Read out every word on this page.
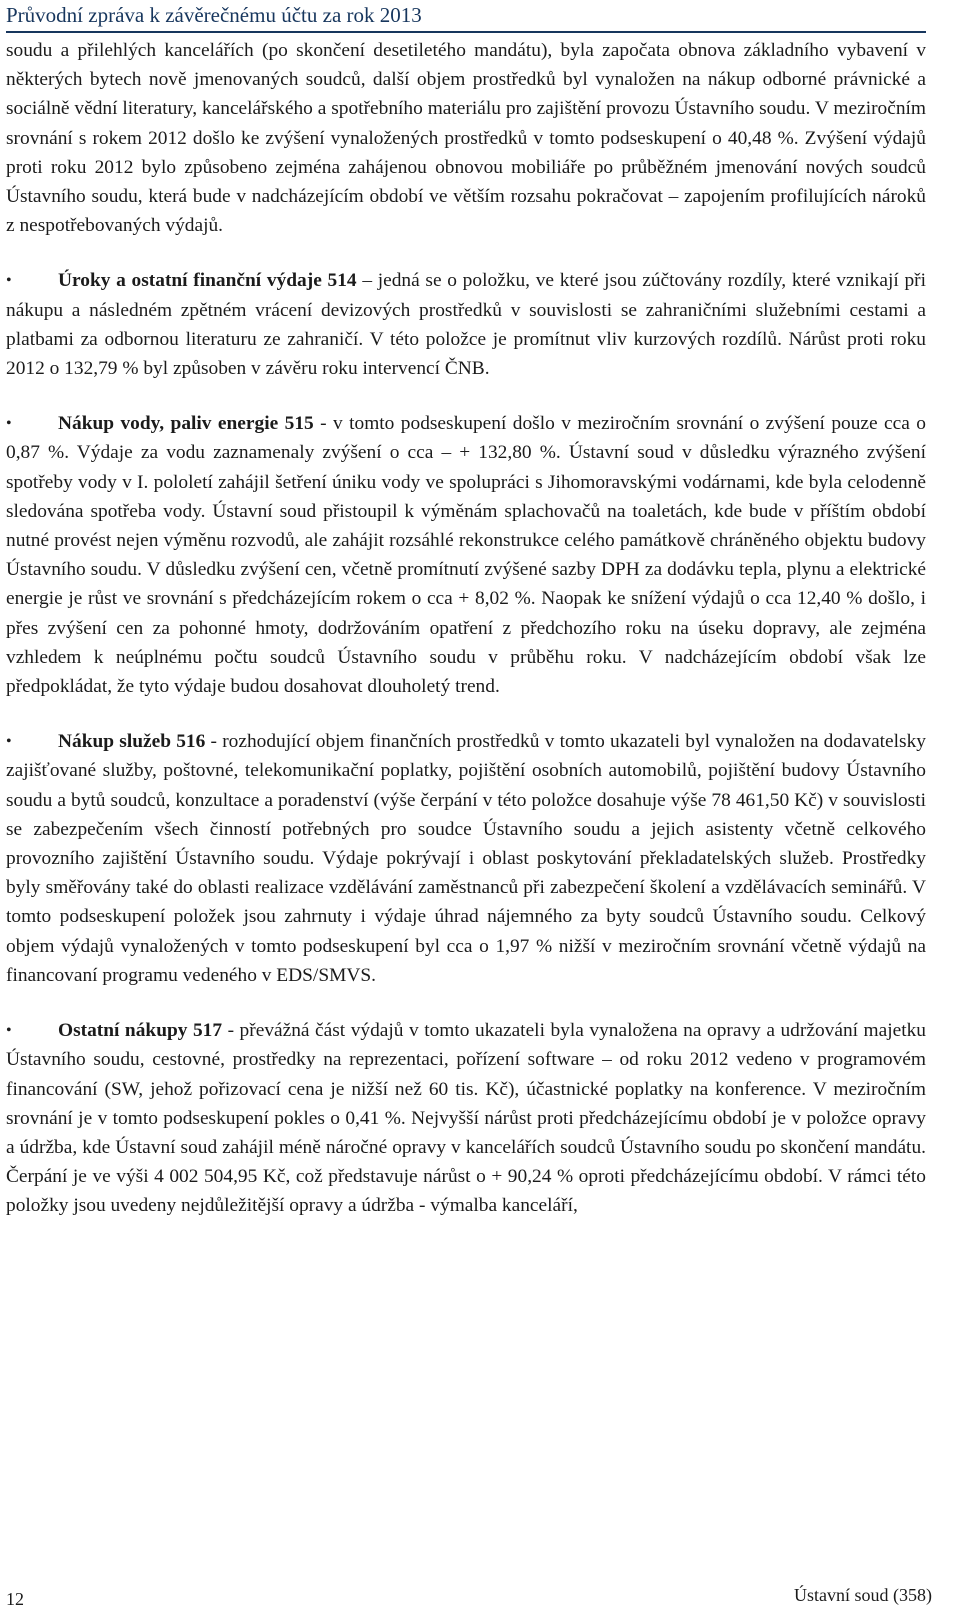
Průvodní zpráva k závěrečnému účtu za rok 2013

soudu a přilehlých kancelářích (po skončení desetiletého mandátu), byla započata obnova základního vybavení v některých bytech nově jmenovaných soudců, další objem prostředků byl vynaložen na nákup odborné právnické a sociálně vědní literatury, kancelářského a spotřebního materiálu pro zajištění provozu Ústavního soudu. V meziročním srovnání s rokem 2012 došlo ke zvýšení vynaložených prostředků v tomto podseskupení o 40,48 %. Zvýšení výdajů proti roku 2012 bylo způsobeno zejména zahájenou obnovou mobiliáře po průběžném jmenování nových soudců Ústavního soudu, která bude v nadcházejícím období ve větším rozsahu pokračovat – zapojením profilujících nároků z nespotřebovaných výdajů.

•	Úroky a ostatní finanční výdaje 514 – jedná se o položku, ve které jsou zúčtovány rozdíly, které vznikají při nákupu a následném zpětném vrácení devizových prostředků v souvislosti se zahraničními služebními cestami a platbami za odbornou literaturu ze zahraničí. V této položce je promítnut vliv kurzových rozdílů. Nárůst proti roku 2012 o 132,79 % byl způsoben v závěru roku intervencí ČNB.

•	Nákup vody, paliv energie 515 - v tomto podseskupení došlo v meziročním srovnání o zvýšení pouze cca o 0,87 %. Výdaje za vodu zaznamenaly zvýšení o cca – + 132,80 %. Ústavní soud v důsledku výrazného zvýšení spotřeby vody v I. pololetí zahájil šetření úniku vody ve spolupráci s Jihomoravskými vodárnami, kde byla celodenně sledována spotřeba vody. Ústavní soud přistoupil k výměnám splachovačů na toaletách, kde bude v příštím období nutné provést nejen výměnu rozvodů, ale zahájit rozsáhlé rekonstrukce celého památkově chráněného objektu budovy Ústavního soudu. V důsledku zvýšení cen, včetně promítnutí zvýšené sazby DPH za dodávku tepla, plynu a elektrické energie je růst ve srovnání s předcházejícím rokem o cca + 8,02 %. Naopak ke snížení výdajů o cca 12,40 % došlo, i přes zvýšení cen za pohonné hmoty, dodržováním opatření z předchozího roku na úseku dopravy, ale zejména vzhledem k neúplnému počtu soudců Ústavního soudu v průběhu roku. V nadcházejícím období však lze předpokládat, že tyto výdaje budou dosahovat dlouholetý trend.

•	Nákup služeb 516 - rozhodující objem finančních prostředků v tomto ukazateli byl vynaložen na dodavatelsky zajišťované služby, poštovné, telekomunikační poplatky, pojištění osobních automobilů, pojištění budovy Ústavního soudu a bytů soudců, konzultace a poradenství (výše čerpání v této položce dosahuje výše 78 461,50 Kč) v souvislosti se zabezpečením všech činností potřebných pro soudce Ústavního soudu a jejich asistenty včetně celkového provozního zajištění Ústavního soudu. Výdaje pokrývají i oblast poskytování překladatelských služeb. Prostředky byly směřovány také do oblasti realizace vzdělávání zaměstnanců při zabezpečení školení a vzdělávacích seminářů. V tomto podseskupení položek jsou zahrnuty i výdaje úhrad nájemného za byty soudců Ústavního soudu. Celkový objem výdajů vynaložených v tomto podseskupení byl cca o 1,97 % nižší v meziročním srovnání včetně výdajů na financovaní programu vedeného v EDS/SMVS.

•	Ostatní nákupy 517 - převážná část výdajů v tomto ukazateli byla vynaložena na opravy a udržování majetku Ústavního soudu, cestovné, prostředky na reprezentaci, pořízení software – od roku 2012 vedeno v programovém financování (SW, jehož pořizovací cena je nižší než 60 tis. Kč), účastnické poplatky na konference. V meziročním srovnání je v tomto podseskupení pokles o 0,41 %. Nejvyšší nárůst proti předcházejícímu období je v položce opravy a údržba, kde Ústavní soud zahájil méně náročné opravy v kancelářích soudců Ústavního soudu po skončení mandátu. Čerpání je ve výši 4 002 504,95 Kč, což představuje nárůst o + 90,24 % oproti předcházejícímu období. V rámci této položky jsou uvedeny nejdůležitější opravy a údržba - výmalba kanceláří,

12	Ústavní soud (358)
